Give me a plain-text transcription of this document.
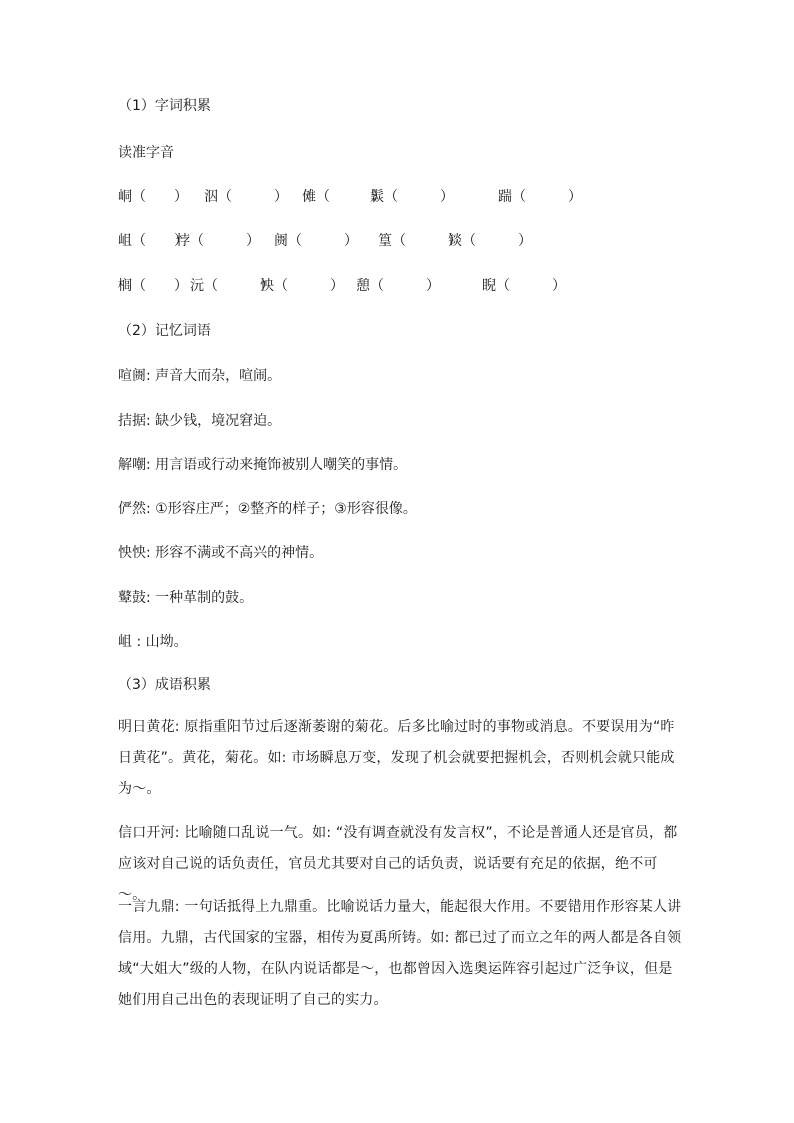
（1）字词积累
读准字音
峒（　　） 泅（　　　） 傩（　　　）
鬏（　　　）	踹（　　　）
岨（　　）
悖（　　　） 阓（　　　） 篁（　　　）
锬（　　　）
榈（　　） 沅（　　　）
怏（　　　） 憩（　　　）	睨（　　　）
（2）记忆词语
喧阓: 声音大而杂，喧闹。
拮据: 缺少钱，境况窘迫。
解嘲: 用言语或行动来掩饰被别人嘲笑的事情。
俨然: ①形容庄严；②整齐的样子；③形容很像。
怏怏: 形容不满或不高兴的神情。
鼙鼓: 一种革制的鼓。
岨 : 山坳。
（3）成语积累
明日黄花: 原指重阳节过后逐渐萎谢的菊花。后多比喻过时的事物或消息。不要误用为“昨日黄花”。黄花，菊花。如: 市场瞬息万变，发现了机会就要把握机会，否则机会就只能成为～。
信口开河: 比喻随口乱说一气。如: “没有调查就没有发言权”，不论是普通人还是官员，都应该对自己说的话负责任，官员尤其要对自己的话负责，说话要有充足的依据，绝不可～。
一言九鼎: 一句话抵得上九鼎重。比喻说话力量大，能起很大作用。不要错用作形容某人讲信用。九鼎，古代国家的宝器，相传为夏禹所铸。如: 都已过了而立之年的两人都是各自领域“大姐大”级的人物，在队内说话都是～，也都曾因入选奥运阵容引起过广泛争议，但是她们用自己出色的表现证明了自己的实力。
